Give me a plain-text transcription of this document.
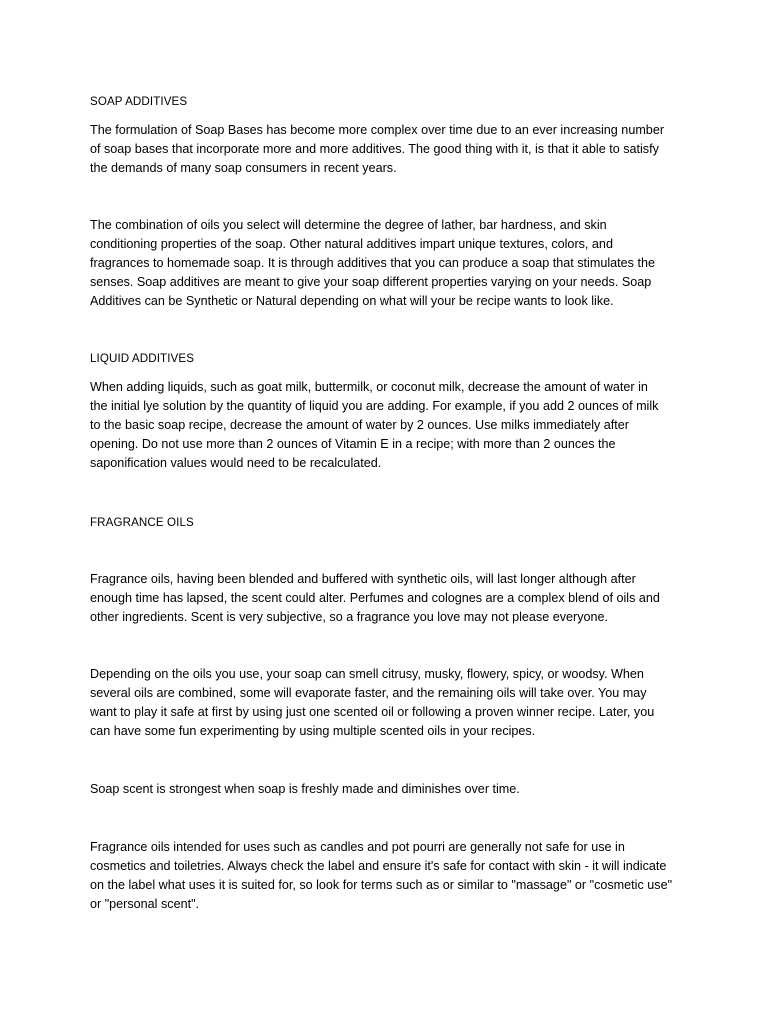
SOAP ADDITIVES

The formulation of Soap Bases has become more complex over time due to an ever increasing number
of soap bases that incorporate more and more additives. The good thing with it, is that it able to satisfy
the demands of many soap consumers in recent years.

The combination of oils you select will determine the degree of lather, bar hardness, and skin
conditioning properties of the soap. Other natural additives impart unique textures, colors, and
fragrances to homemade soap. It is through additives that you can produce a soap that stimulates the
senses. Soap additives are meant to give your soap different properties varying on your needs. Soap
Additives can be Synthetic or Natural depending on what will your be recipe wants to look like.

LIQUID ADDITIVES

When adding liquids, such as goat milk, buttermilk, or coconut milk, decrease the amount of water in
the initial lye solution by the quantity of liquid you are adding. For example, if you add 2 ounces of milk
to the basic soap recipe, decrease the amount of water by 2 ounces. Use milks immediately after
opening. Do not use more than 2 ounces of Vitamin E in a recipe; with more than 2 ounces the
saponification values would need to be recalculated.

FRAGRANCE OILS

Fragrance oils, having been blended and buffered with synthetic oils, will last longer although after
enough time has lapsed, the scent could alter. Perfumes and colognes are a complex blend of oils and
other ingredients. Scent is very subjective, so a fragrance you love may not please everyone.

Depending on the oils you use, your soap can smell citrusy, musky, flowery, spicy, or woodsy. When
several oils are combined, some will evaporate faster, and the remaining oils will take over. You may
want to play it safe at first by using just one scented oil or following a proven winner recipe. Later, you
can have some fun experimenting by using multiple scented oils in your recipes.

Soap scent is strongest when soap is freshly made and diminishes over time.

Fragrance oils intended for uses such as candles and pot pourri are generally not safe for use in
cosmetics and toiletries. Always check the label and ensure it's safe for contact with skin - it will indicate
on the label what uses it is suited for, so look for terms such as or similar to "massage" or "cosmetic use"
or "personal scent".
